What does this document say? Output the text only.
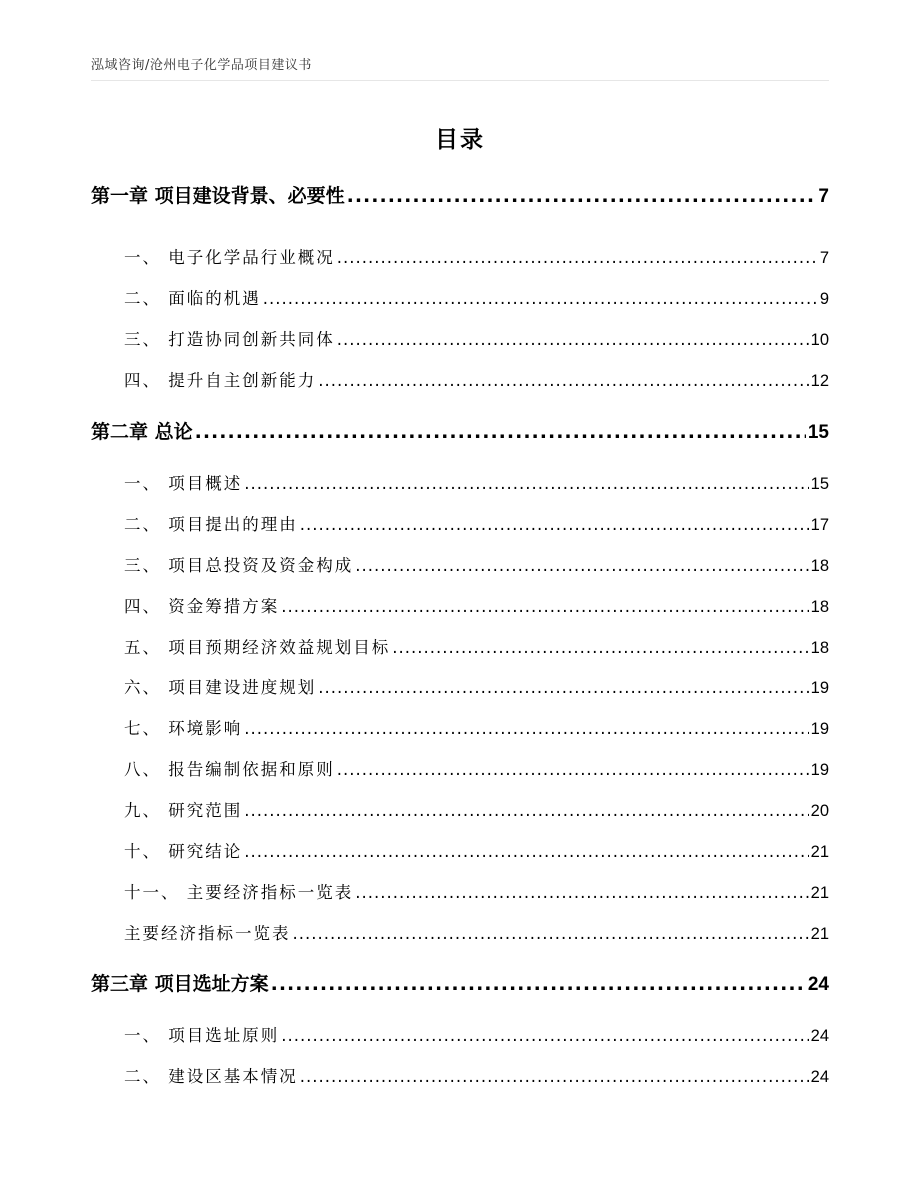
泓域咨询/沧州电子化学品项目建议书
目录
第一章 项目建设背景、必要性 .....	7
一、 电子化学品行业概况 .....	7
二、 面临的机遇 .....	9
三、 打造协同创新共同体 .....	10
四、 提升自主创新能力 .....	12
第二章 总论 .....	15
一、 项目概述 .....	15
二、 项目提出的理由 .....	17
三、 项目总投资及资金构成 .....	18
四、 资金筹措方案 .....	18
五、 项目预期经济效益规划目标 .....	18
六、 项目建设进度规划 .....	19
七、 环境影响 .....	19
八、 报告编制依据和原则 .....	19
九、 研究范围 .....	20
十、 研究结论 .....	21
十一、 主要经济指标一览表 .....	21
主要经济指标一览表 .....	21
第三章 项目选址方案 .....	24
一、 项目选址原则 .....	24
二、 建设区基本情况 .....	24
